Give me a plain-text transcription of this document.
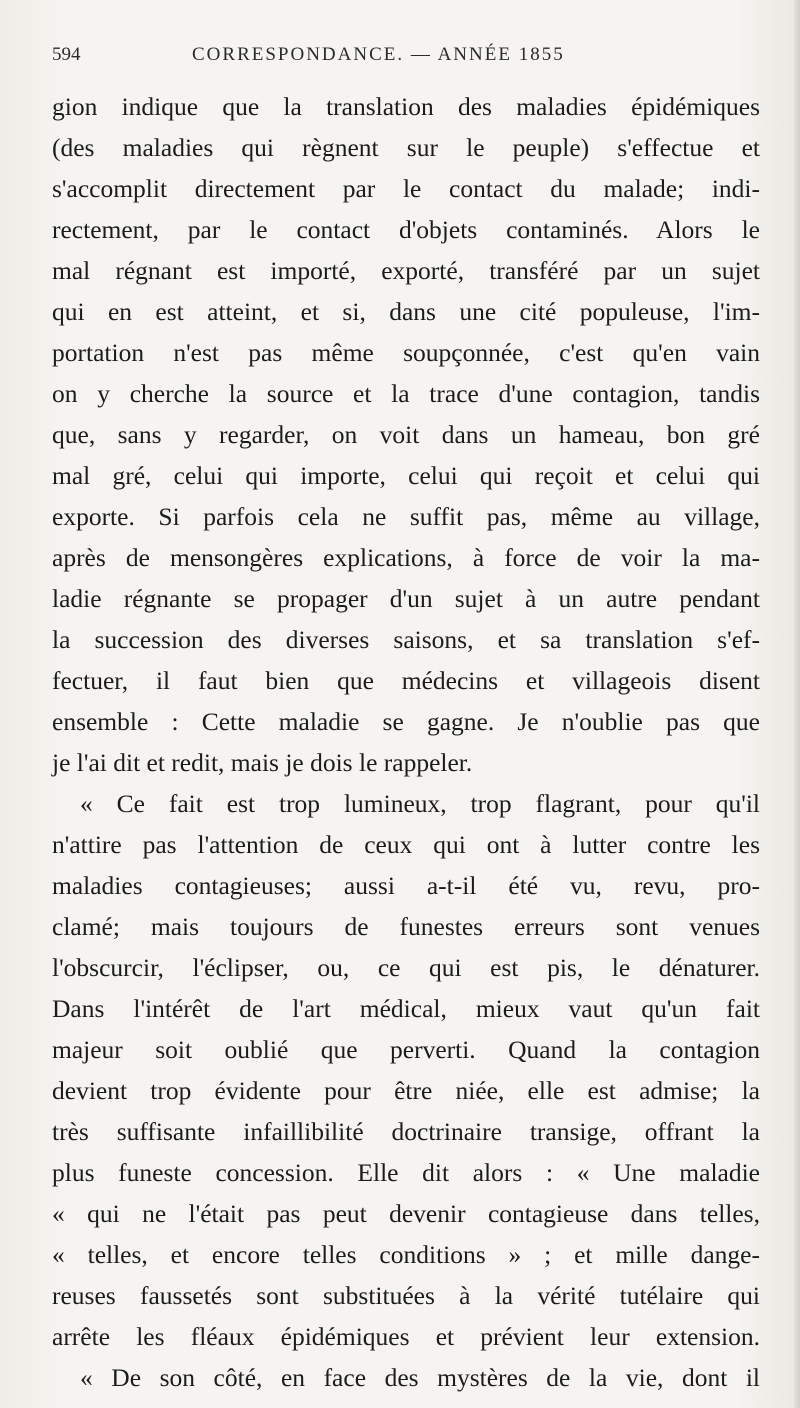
594	CORRESPONDANCE. — ANNÉE 1855
gion indique que la translation des maladies épidémiques
(des maladies qui règnent sur le peuple) s'effectue et
s'accomplit directement par le contact du malade; indi-
rectement, par le contact d'objets contaminés. Alors le
mal régnant est importé, exporté, transféré par un sujet
qui en est atteint, et si, dans une cité populeuse, l'im-
portation n'est pas même soupçonnée, c'est qu'en vain
on y cherche la source et la trace d'une contagion, tandis
que, sans y regarder, on voit dans un hameau, bon gré
mal gré, celui qui importe, celui qui reçoit et celui qui
exporte. Si parfois cela ne suffit pas, même au village,
après de mensongères explications, à force de voir la ma-
ladie régnante se propager d'un sujet à un autre pendant
la succession des diverses saisons, et sa translation s'ef-
fectuer, il faut bien que médecins et villageois disent
ensemble : Cette maladie se gagne. Je n'oublie pas que
je l'ai dit et redit, mais je dois le rappeler.
« Ce fait est trop lumineux, trop flagrant, pour qu'il
n'attire pas l'attention de ceux qui ont à lutter contre les
maladies contagieuses; aussi a-t-il été vu, revu, pro-
clamé; mais toujours de funestes erreurs sont venues
l'obscurcir, l'éclipser, ou, ce qui est pis, le dénaturer.
Dans l'intérêt de l'art médical, mieux vaut qu'un fait
majeur soit oublié que perverti. Quand la contagion
devient trop évidente pour être niée, elle est admise; la
très suffisante infaillibilité doctrinaire transige, offrant la
plus funeste concession. Elle dit alors : « Une maladie
« qui ne l'était pas peut devenir contagieuse dans telles,
« telles, et encore telles conditions » ; et mille dange-
reuses faussetés sont substituées à la vérité tutélaire qui
arrête les fléaux épidémiques et prévient leur extension.
« De son côté, en face des mystères de la vie, dont il
